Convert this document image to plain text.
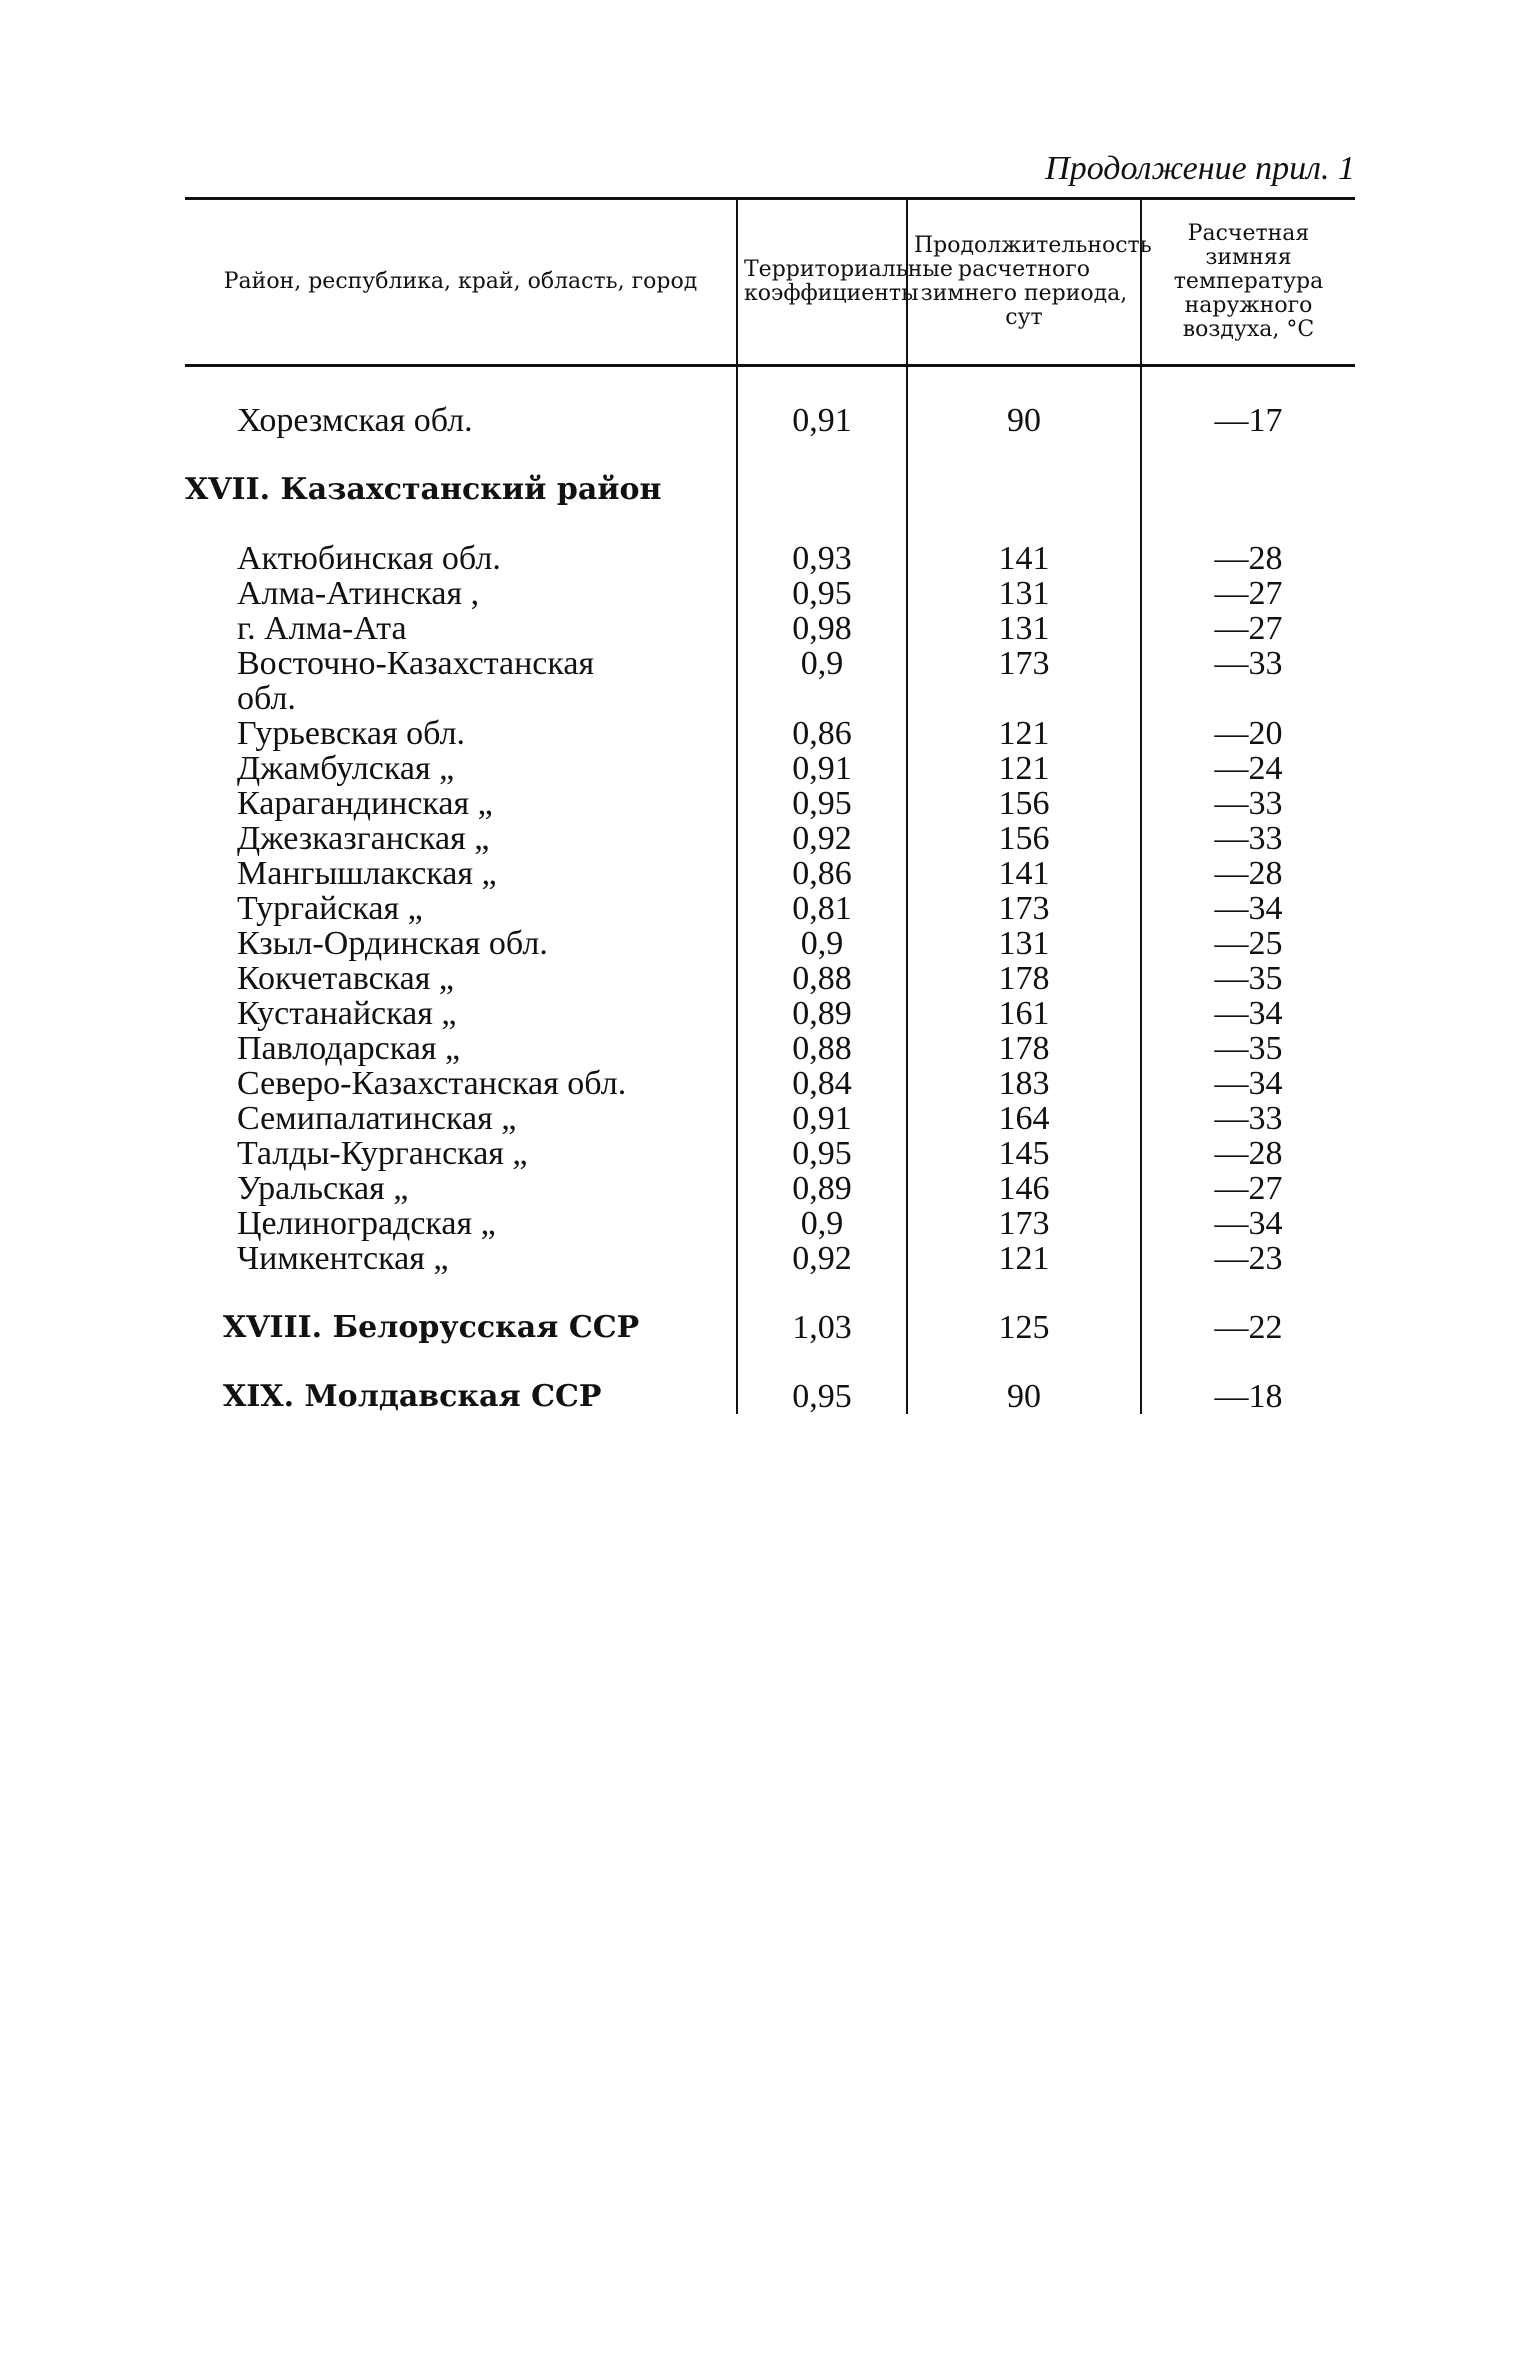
Продолжение прил. 1

Район, республика, край, область, город	Территориальные коэффициенты	Продолжительность расчетного зимнего периода, сут	Расчетная зимняя температура наружного воздуха, °С

Хорезмская обл.	0,91	90	—17
XVII. Казахстанский район			
Актюбинская обл.	0,93	141	—28
Алма-Атинская ,	0,95	131	—27
г. Алма-Ата	0,98	131	—27
Восточно-Казахстанская	0,9	173	—33
обл.			
Гурьевская обл.	0,86	121	—20
Джамбулская „	0,91	121	—24
Карагандинская „	0,95	156	—33
Джезказганская „	0,92	156	—33
Мангышлакская „	0,86	141	—28
Тургайская „	0,81	173	—34
Кзыл-Ординская обл.	0,9	131	—25
Кокчетавская „	0,88	178	—35
Кустанайская „	0,89	161	—34
Павлодарская „	0,88	178	—35
Северо-Казахстанская обл.	0,84	183	—34
Семипалатинская „	0,91	164	—33
Талды-Курганская „	0,95	145	—28
Уральская „	0,89	146	—27
Целиноградская „	0,9	173	—34
Чимкентская „	0,92	121	—23
XVIII. Белорусская ССР	1,03	125	—22
XIX. Молдавская ССР	0,95	90	—18
